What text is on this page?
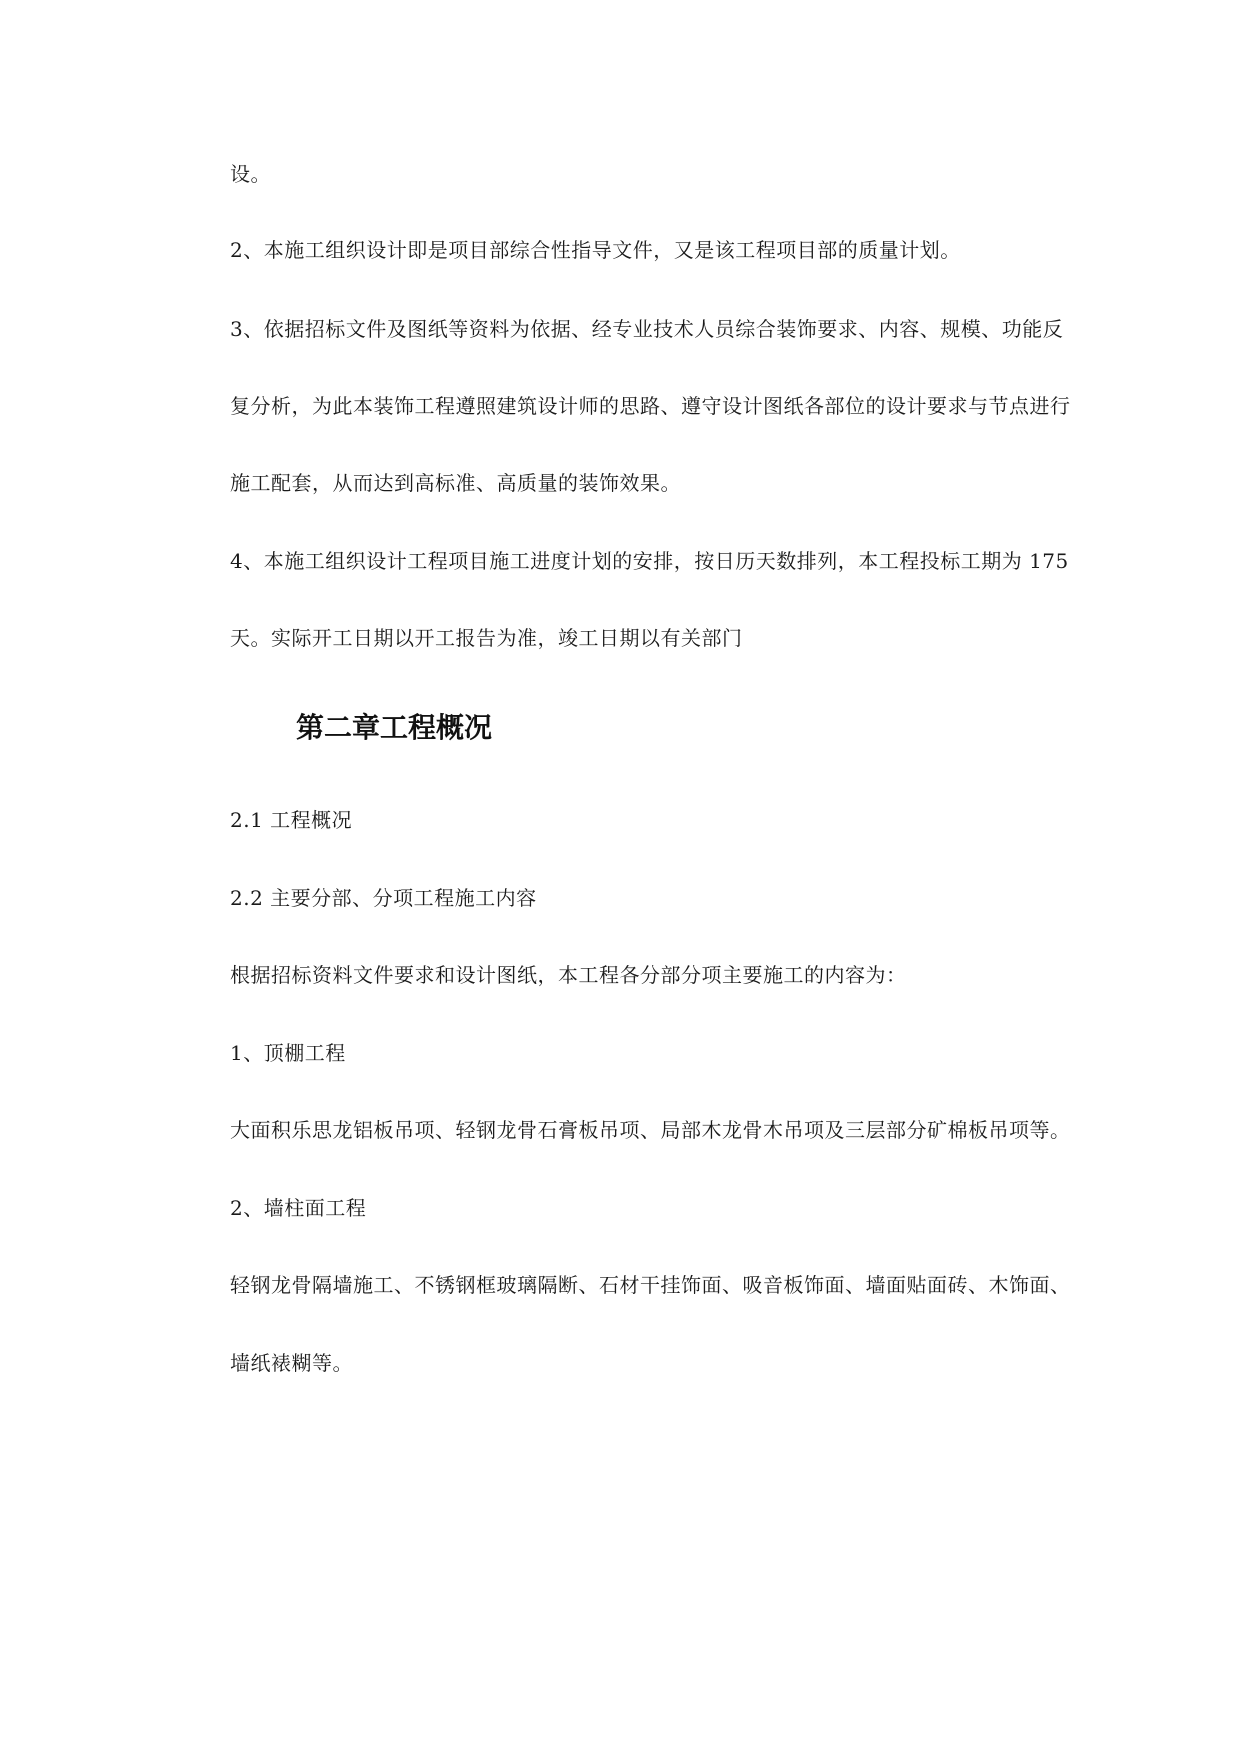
设。
2、本施工组织设计即是项目部综合性指导文件，又是该工程项目部的质量计划。
3、依据招标文件及图纸等资料为依据、经专业技术人员综合装饰要求、内容、规模、功能反
复分析，为此本装饰工程遵照建筑设计师的思路、遵守设计图纸各部位的设计要求与节点进行
施工配套，从而达到高标准、高质量的装饰效果。
4、本施工组织设计工程项目施工进度计划的安排，按日历天数排列，本工程投标工期为 175
天。实际开工日期以开工报告为准，竣工日期以有关部门
第二章工程概况
2.1 工程概况
2.2 主要分部、分项工程施工内容
根据招标资料文件要求和设计图纸，本工程各分部分项主要施工的内容为：
1、顶棚工程
大面积乐思龙铝板吊项、轻钢龙骨石膏板吊项、局部木龙骨木吊项及三层部分矿棉板吊项等。
2、墙柱面工程
轻钢龙骨隔墙施工、不锈钢框玻璃隔断、石材干挂饰面、吸音板饰面、墙面贴面砖、木饰面、
墙纸裱糊等。
